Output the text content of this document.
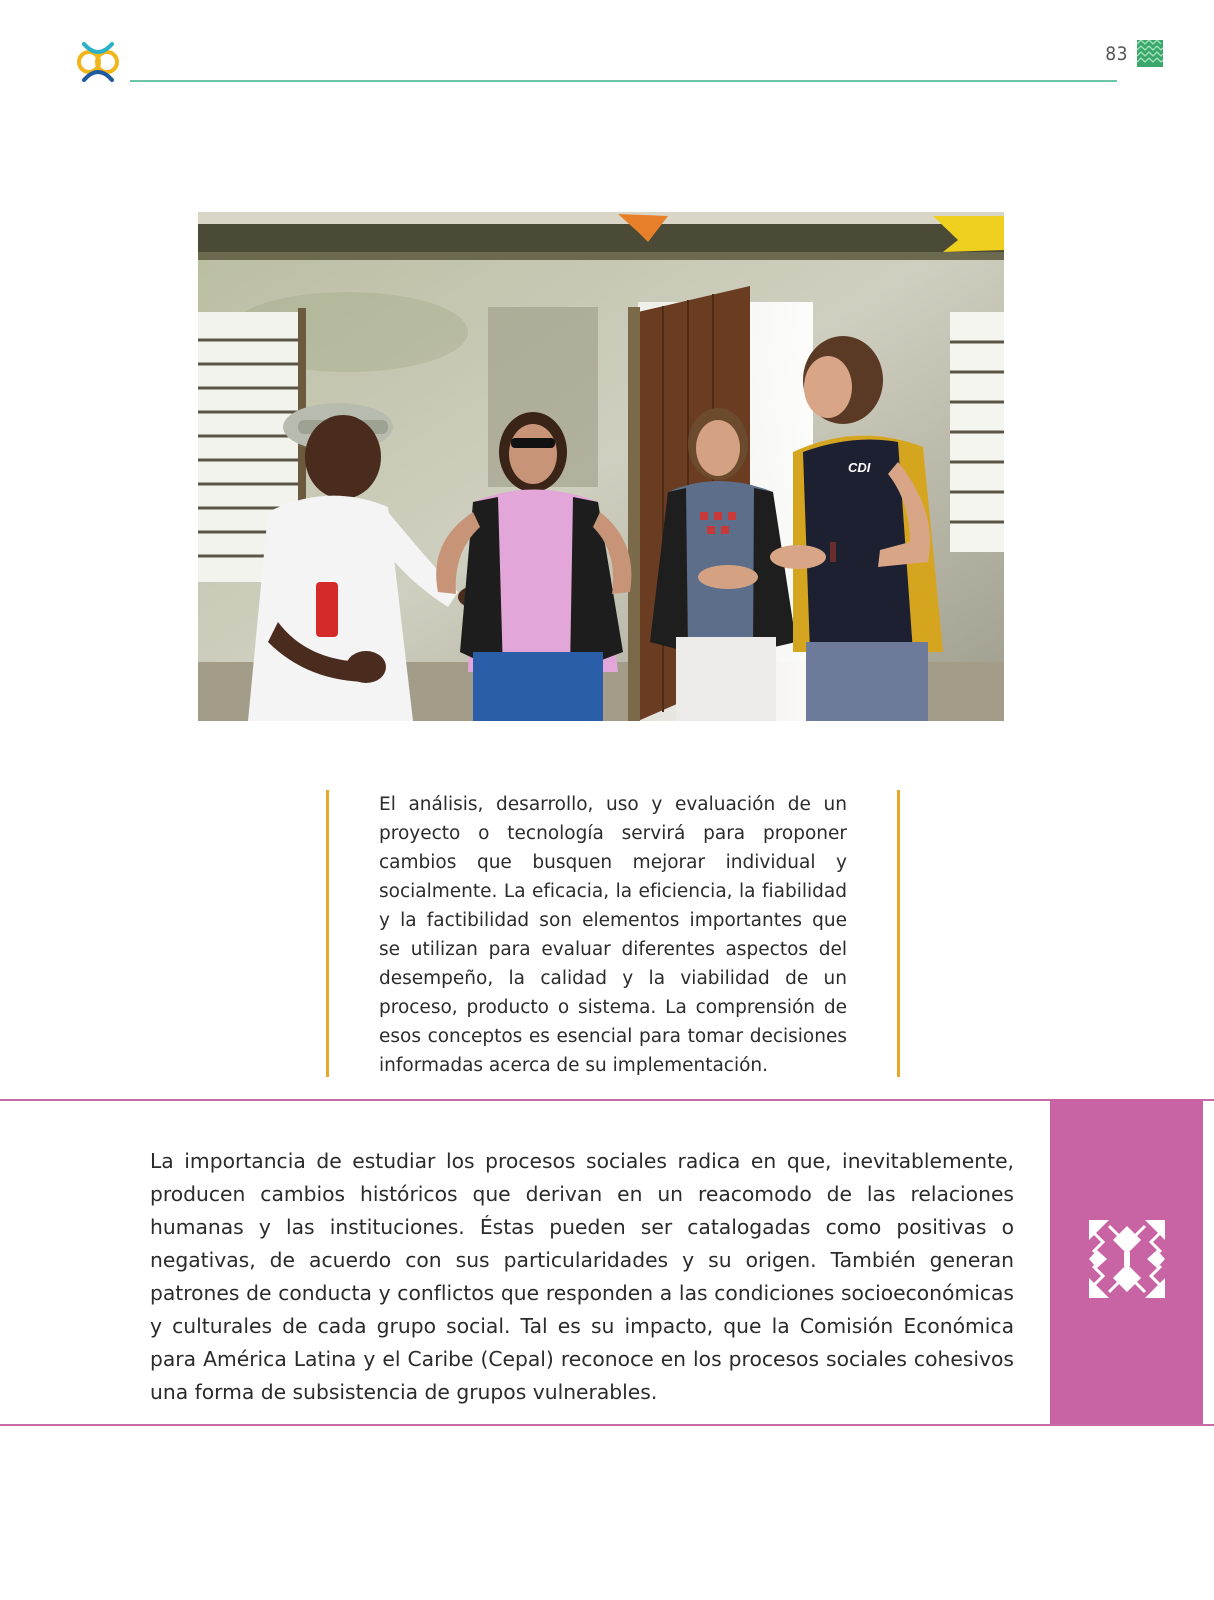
83
CDI

El análisis, desarrollo, uso y evaluación de un proyecto o tecnología servirá para proponer cambios que busquen mejorar individual y socialmente. La eficacia, la eficiencia, la fiabilidad y la factibilidad son elementos importantes que se utilizan para evaluar diferentes aspectos del desempeño, la calidad y la viabilidad de un proceso, producto o sistema. La comprensión de esos conceptos es esencial para tomar decisiones informadas acerca de su implementación.

La importancia de estudiar los procesos sociales radica en que, inevitablemente, producen cambios históricos que derivan en un reacomodo de las relaciones humanas y las instituciones. Éstas pueden ser catalogadas como positivas o negativas, de acuerdo con sus particularidades y su origen. También generan patrones de conducta y conflictos que responden a las condiciones socioeconómicas y culturales de cada grupo social. Tal es su impacto, que la Comisión Económica para América Latina y el Caribe (Cepal) reconoce en los procesos sociales cohesivos una forma de subsistencia de grupos vulnerables.
